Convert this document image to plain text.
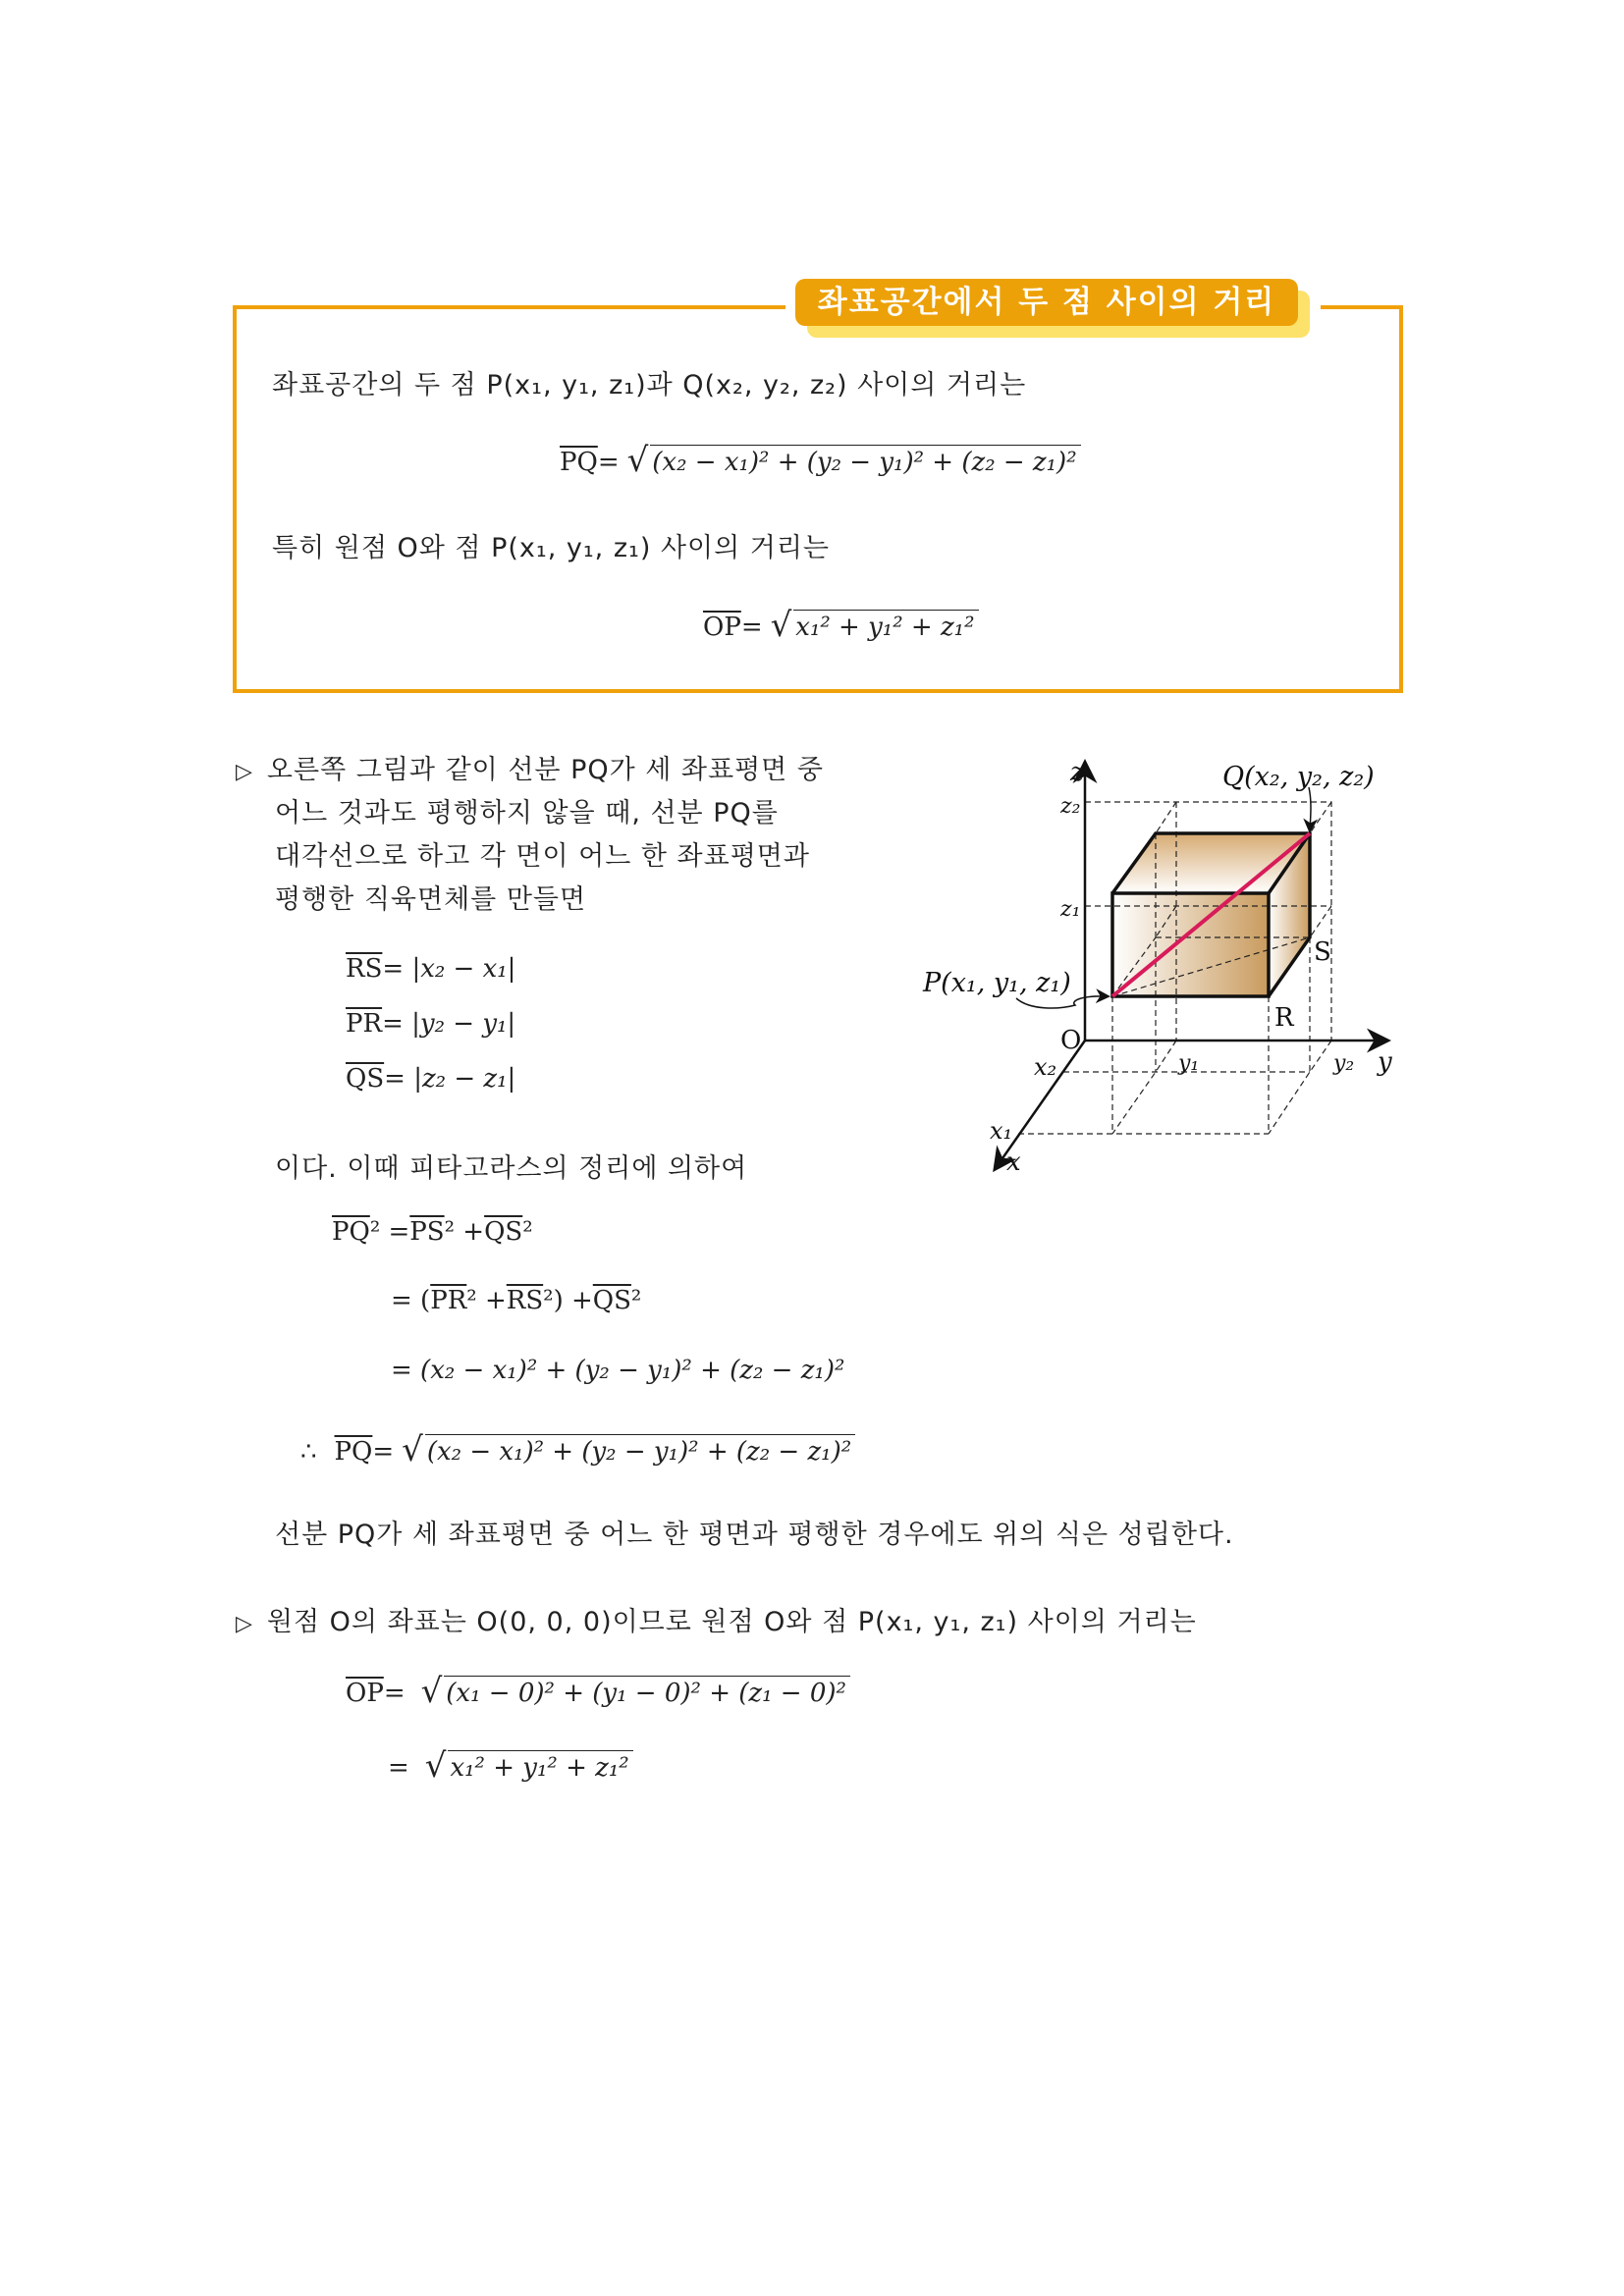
좌표공간에서 두 점 사이의 거리
좌표공간의 두 점 P(x₁, y₁, z₁)과 Q(x₂, y₂, z₂) 사이의 거리는
$\overline{PQ}$ = √ (x₂ − x₁)² + (y₂ − y₁)² + (z₂ − z₁)²
특히 원점 O와 점 P(x₁, y₁, z₁) 사이의 거리는
$\overline{OP}$ = √ x₁² + y₁² + z₁²
▷ 오른쪽 그림과 같이 선분 PQ가 세 좌표평면 중
어느 것과도 평행하지 않을 때, 선분 PQ를
대각선으로 하고 각 면이 어느 한 좌표평면과
평행한 직육면체를 만들면
$\overline{RS} = |x_2 - x_1|$
$\overline{PR} = |y_2 - y_1|$
$\overline{QS} = |z_2 - z_1|$
이다. 이때 피타고라스의 정리에 의하여
$\overline{PQ}$ $^2 = \overline{PS}$ $^2 + \overline{QS}$ ²
= ( $\overline{PR}$ $^2 + \overline{RS}$ $^2) + \overline{QS}$ ²
= (x₂ − x₁)² + (y₂ − y₁)² + (z₂ − z₁)²
∴ $\overline{PQ}$ = √ (x₂ − x₁)² + (y₂ − y₁)² + (z₂ − z₁)²
선분 PQ가 세 좌표평면 중 어느 한 평면과 평행한 경우에도 위의 식은 성립한다.
▷ 원점 O의 좌표는 O(0, 0, 0)이므로 원점 O와 점 P(x₁, y₁, z₁) 사이의 거리는
$\overline{OP}$ = √ (x₁ − 0)² + (y₁ − 0)² + (z₁ − 0)²
= √ x₁² + y₁² + z₁²
z
z₂
z₁
y
y₁	y₂
x
x₁
x₂
O
P(x₁, y₁, z₁)
Q(x₂, y₂, z₂)
R
S
